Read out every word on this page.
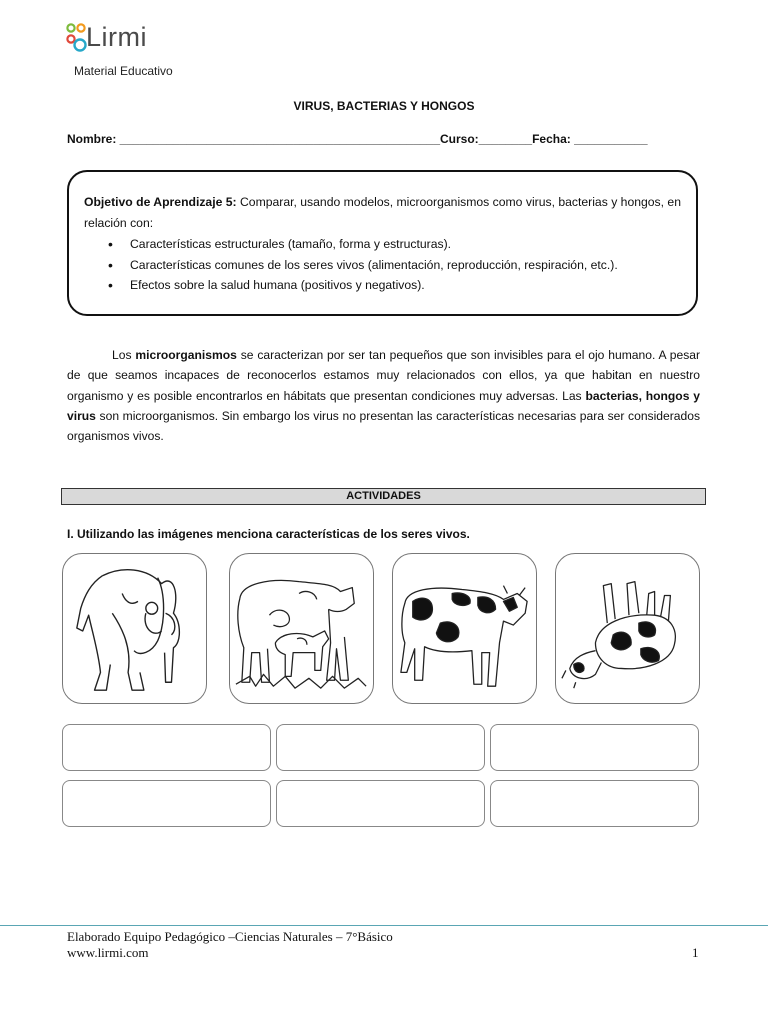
Lirmi
Material Educativo
VIRUS, BACTERIAS Y HONGOS
Nombre: ________________________________________________Curso:________Fecha: ___________
Objetivo de Aprendizaje 5: Comparar, usando modelos, microorganismos como virus, bacterias y hongos, en relación con:
• Características estructurales (tamaño, forma y estructuras).
• Características comunes de los seres vivos (alimentación, reproducción, respiración, etc.).
• Efectos sobre la salud humana (positivos y negativos).
Los microorganismos se caracterizan por ser tan pequeños que son invisibles para el ojo humano. A pesar de que seamos incapaces de reconocerlos estamos muy relacionados con ellos, ya que habitan en nuestro organismo y es posible encontrarlos en hábitats que presentan condiciones muy adversas. Las bacterias, hongos y virus son microorganismos. Sin embargo los virus no presentan las características necesarias para ser considerados organismos vivos.
ACTIVIDADES
I. Utilizando las imágenes menciona características de los seres vivos.
Elaborado Equipo Pedagógico –Ciencias Naturales – 7°Básico
www.lirmi.com	1
